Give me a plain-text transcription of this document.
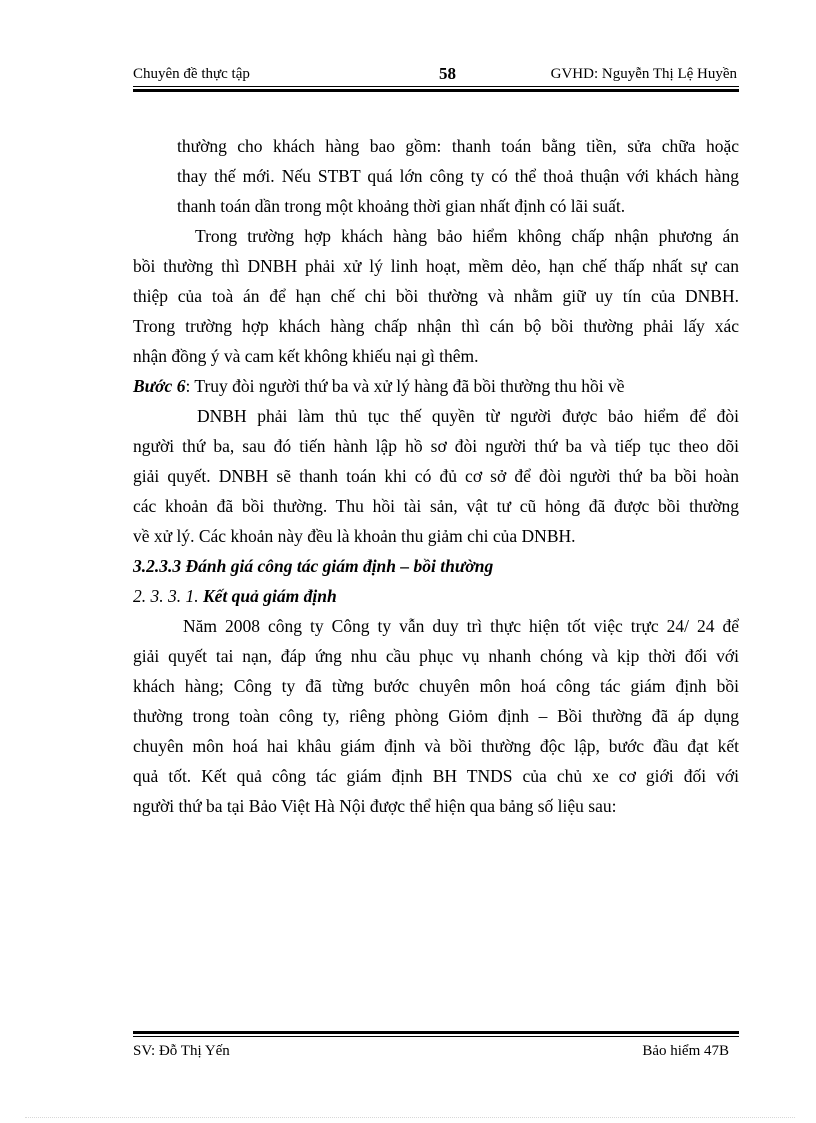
Chuyên đề thực tập	58	GVHD: Nguyễn Thị Lệ Huyền

thường cho khách hàng bao gồm: thanh toán bằng tiền, sửa chữa hoặc
thay thế mới. Nếu STBT quá lớn công ty có thể thoả thuận với khách hàng
thanh toán dần trong một khoảng thời gian nhất định có lãi suất.

Trong trường hợp khách hàng bảo hiểm không chấp nhận phương án
bồi thường thì DNBH phải xử lý linh hoạt, mềm dẻo, hạn chế thấp nhất sự can
thiệp của toà án để hạn chế chi bồi thường và nhằm giữ uy tín của DNBH.
Trong trường hợp khách hàng chấp nhận thì cán bộ bồi thường phải lấy xác
nhận đồng ý và cam kết không khiếu nại gì thêm.

Bước 6: Truy đòi người thứ ba và xử lý hàng đã bồi thường thu hồi về

DNBH phải làm thủ tục thế quyền từ người được bảo hiểm để đòi
người thứ ba, sau đó tiến hành lập hồ sơ đòi người thứ ba và tiếp tục theo dõi
giải quyết. DNBH sẽ thanh toán khi có đủ cơ sở để đòi người thứ ba bồi hoàn
các khoản đã bồi thường. Thu hồi tài sản, vật tư cũ hỏng đã được bồi thường
về xử lý. Các khoản này đều là khoản thu giảm chi của DNBH.

3.2.3.3 Đánh giá công tác giám định – bồi thường

2. 3. 3. 1. Kết quả giám định

Năm 2008 công ty Công ty vẫn duy trì thực hiện tốt việc trực 24/ 24 để
giải quyết tai nạn, đáp ứng nhu cầu phục vụ nhanh chóng và kịp thời đối với
khách hàng; Công ty đã từng bước chuyên môn hoá công tác giám định bồi
thường trong toàn công ty, riêng phòng Giỏm định – Bồi thường đã áp dụng
chuyên môn hoá hai khâu giám định và bồi thường độc lập, bước đầu đạt kết
quả tốt. Kết quả công tác giám định BH TNDS của chủ xe cơ giới đối với
người thứ ba tại Bảo Việt Hà Nội được thể hiện qua bảng số liệu sau:

SV: Đỗ Thị Yến	Bảo hiểm 47B
